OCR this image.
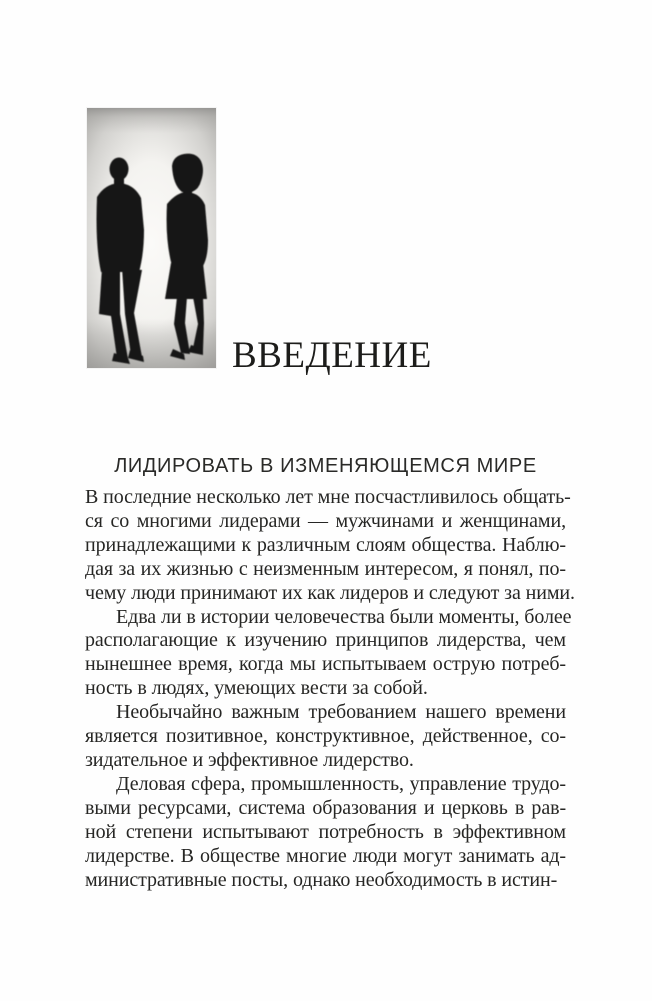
ВВЕДЕНИЕ
ЛИДИРОВАТЬ В ИЗМЕНЯЮЩЕМСЯ МИРЕ
В последние несколько лет мне посчастливилось общать-
ся со многими лидерами — мужчинами и женщинами,
принадлежащими к различным слоям общества. Наблю-
дая за их жизнью с неизменным интересом, я понял, по-
чему люди принимают их как лидеров и следуют за ними.
Едва ли в истории человечества были моменты, более
располагающие к изучению принципов лидерства, чем
нынешнее время, когда мы испытываем острую потреб-
ность в людях, умеющих вести за собой.
Необычайно важным требованием нашего времени
является позитивное, конструктивное, действенное, со-
зидательное и эффективное лидерство.
Деловая сфера, промышленность, управление трудо-
выми ресурсами, система образования и церковь в рав-
ной степени испытывают потребность в эффективном
лидерстве. В обществе многие люди могут занимать ад-
министративные посты, однако необходимость в истин-
